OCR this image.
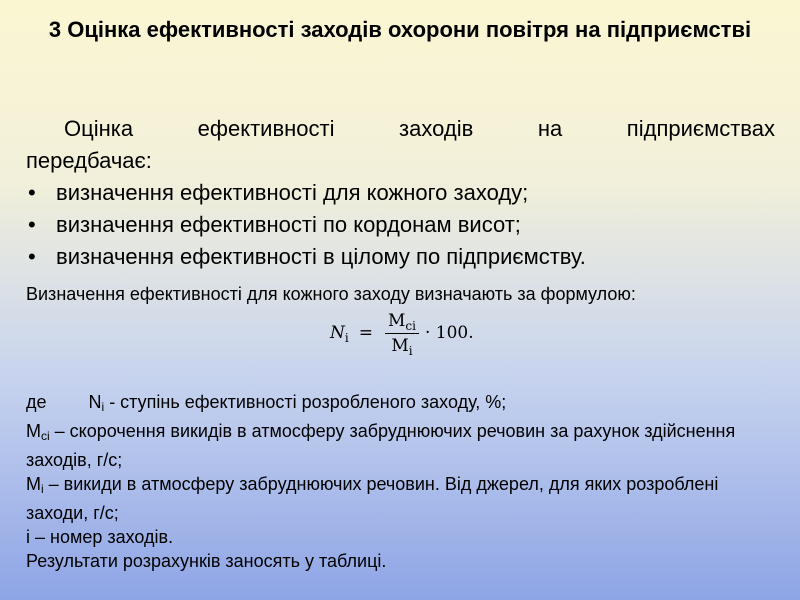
3 Оцінка ефективності заходів охорони повітря на підприємстві
Оцінка ефективності заходів на підприємствах
передбачає:
• визначення ефективності для кожного заходу;
• визначення ефективності по кордонам висот;
• визначення ефективності в цілому по підприємству.
Визначення ефективності для кожного заходу визначають за формулою:
N $i = \frac{M_{ci}}{M_i} \cdot 100$.

де $N_i$ - ступінь ефективності розробленого заходу, %;

$M_{ci}$ – скорочення викидів в атмосферу забруднюючих речовин за рахунок здійснення заходів, г/с;

$M_i$ – викиди в атмосферу забруднюючих речовин. Від джерел, для яких розроблені заходи, г/с;

і – номер заходів.

Результати розрахунків заносять у таблиці.
